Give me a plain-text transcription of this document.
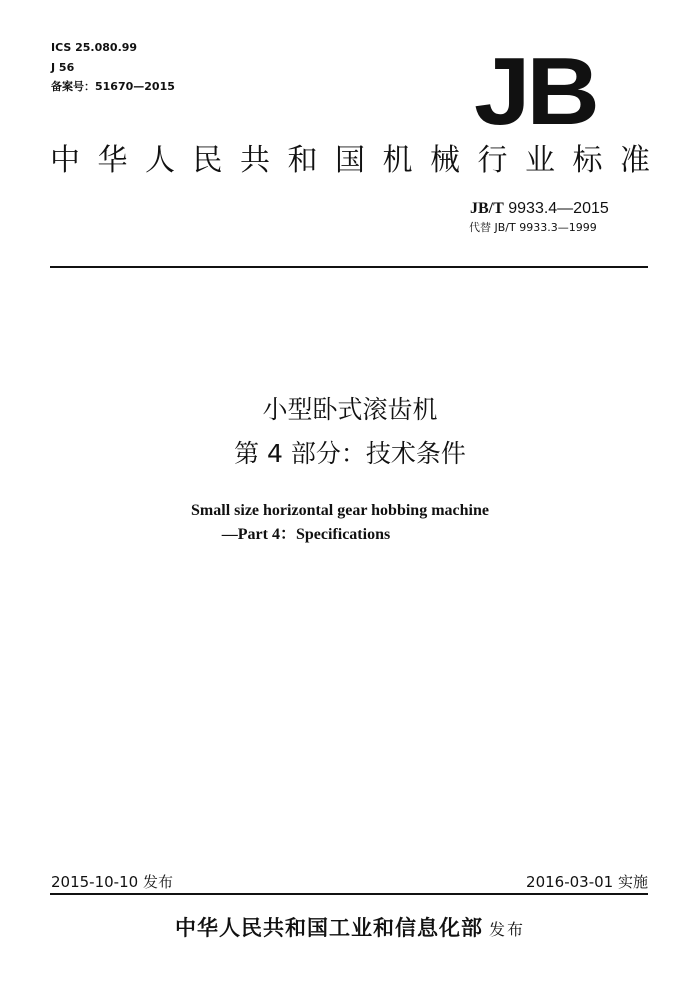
ICS 25.080.99
J 56
备案号：51670—2015	JB
中 华 人 民 共 和 国 机 械 行 业 标 准
JB/T 9933.4—2015
代替 JB/T 9933.3—1999
小型卧式滚齿机
第 4 部分：技术条件
Small size horizontal gear hobbing machine
—Part 4：Specifications
2015-10-10 发布	2016-03-01 实施
中华人民共和国工业和信息化部 发布
